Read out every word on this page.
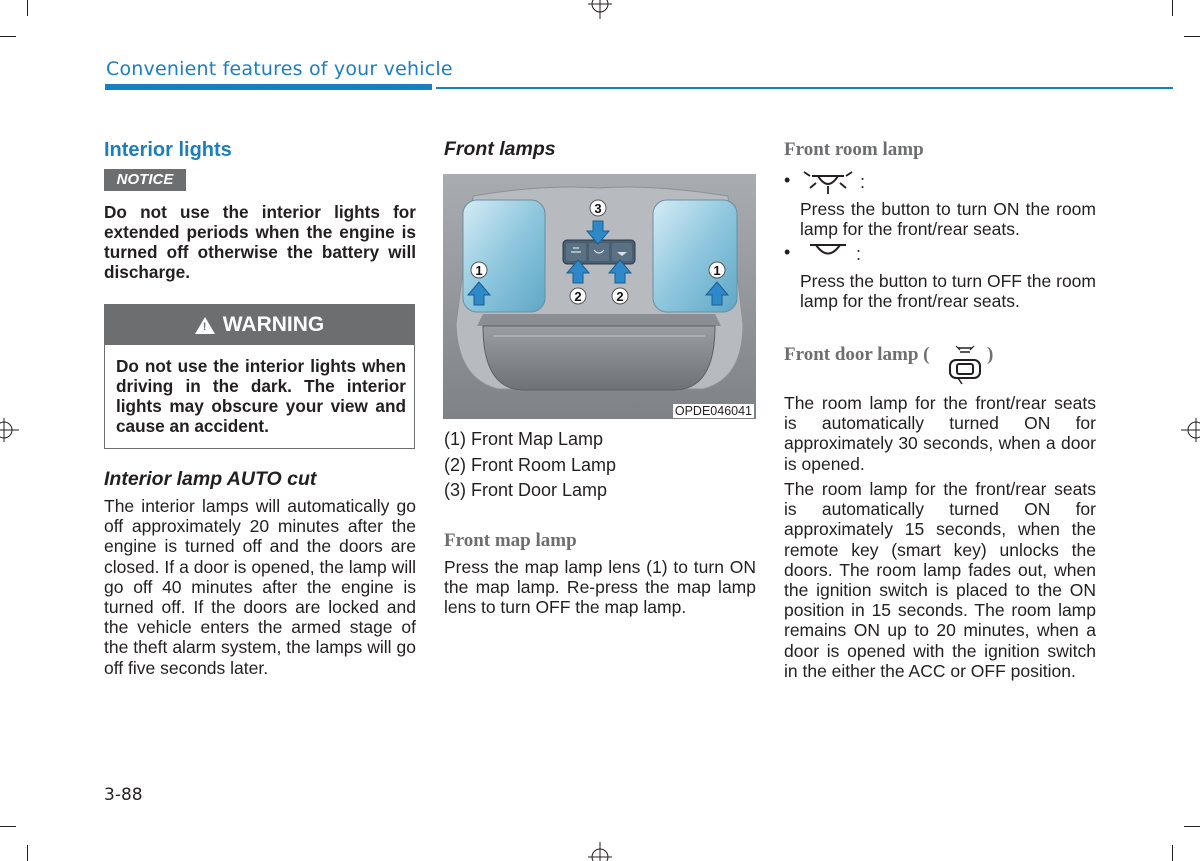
Convenient features of your vehicle
Interior lights
NOTICE
Do not use the interior lights for extended periods when the engine is turned off otherwise the battery will discharge.
! WARNING
Do not use the interior lights when driving in the dark. The interior lights may obscure your view and cause an accident.
Interior lamp AUTO cut
The interior lamps will automatically go off approximately 20 minutes after the engine is turned off and the doors are closed. If a door is opened, the lamp will go off 40 minutes after the engine is turned off. If the doors are locked and the vehicle enters the armed stage of the theft alarm system, the lamps will go off five seconds later.
Front lamps
1
2	2
3
1
OPDE046041
(1) Front Map Lamp
(2) Front Room Lamp
(3) Front Door Lamp
Front map lamp
Press the map lamp lens (1) to turn ON the map lamp. Re-press the map lamp lens to turn OFF the map lamp.
Front room lamp
•	:
Press the button to turn ON the room lamp for the front/rear seats.
•	:
Press the button to turn OFF the room lamp for the front/rear seats.
Front door lamp (	)
The room lamp for the front/rear seats is automatically turned ON for approximately 30 seconds, when a door is opened.
The room lamp for the front/rear seats is automatically turned ON for approximately 15 seconds, when the remote key (smart key) unlocks the doors. The room lamp fades out, when the ignition switch is placed to the ON position in 15 seconds. The room lamp remains ON up to 20 minutes, when a door is opened with the ignition switch in the either the ACC or OFF position.
3-88
